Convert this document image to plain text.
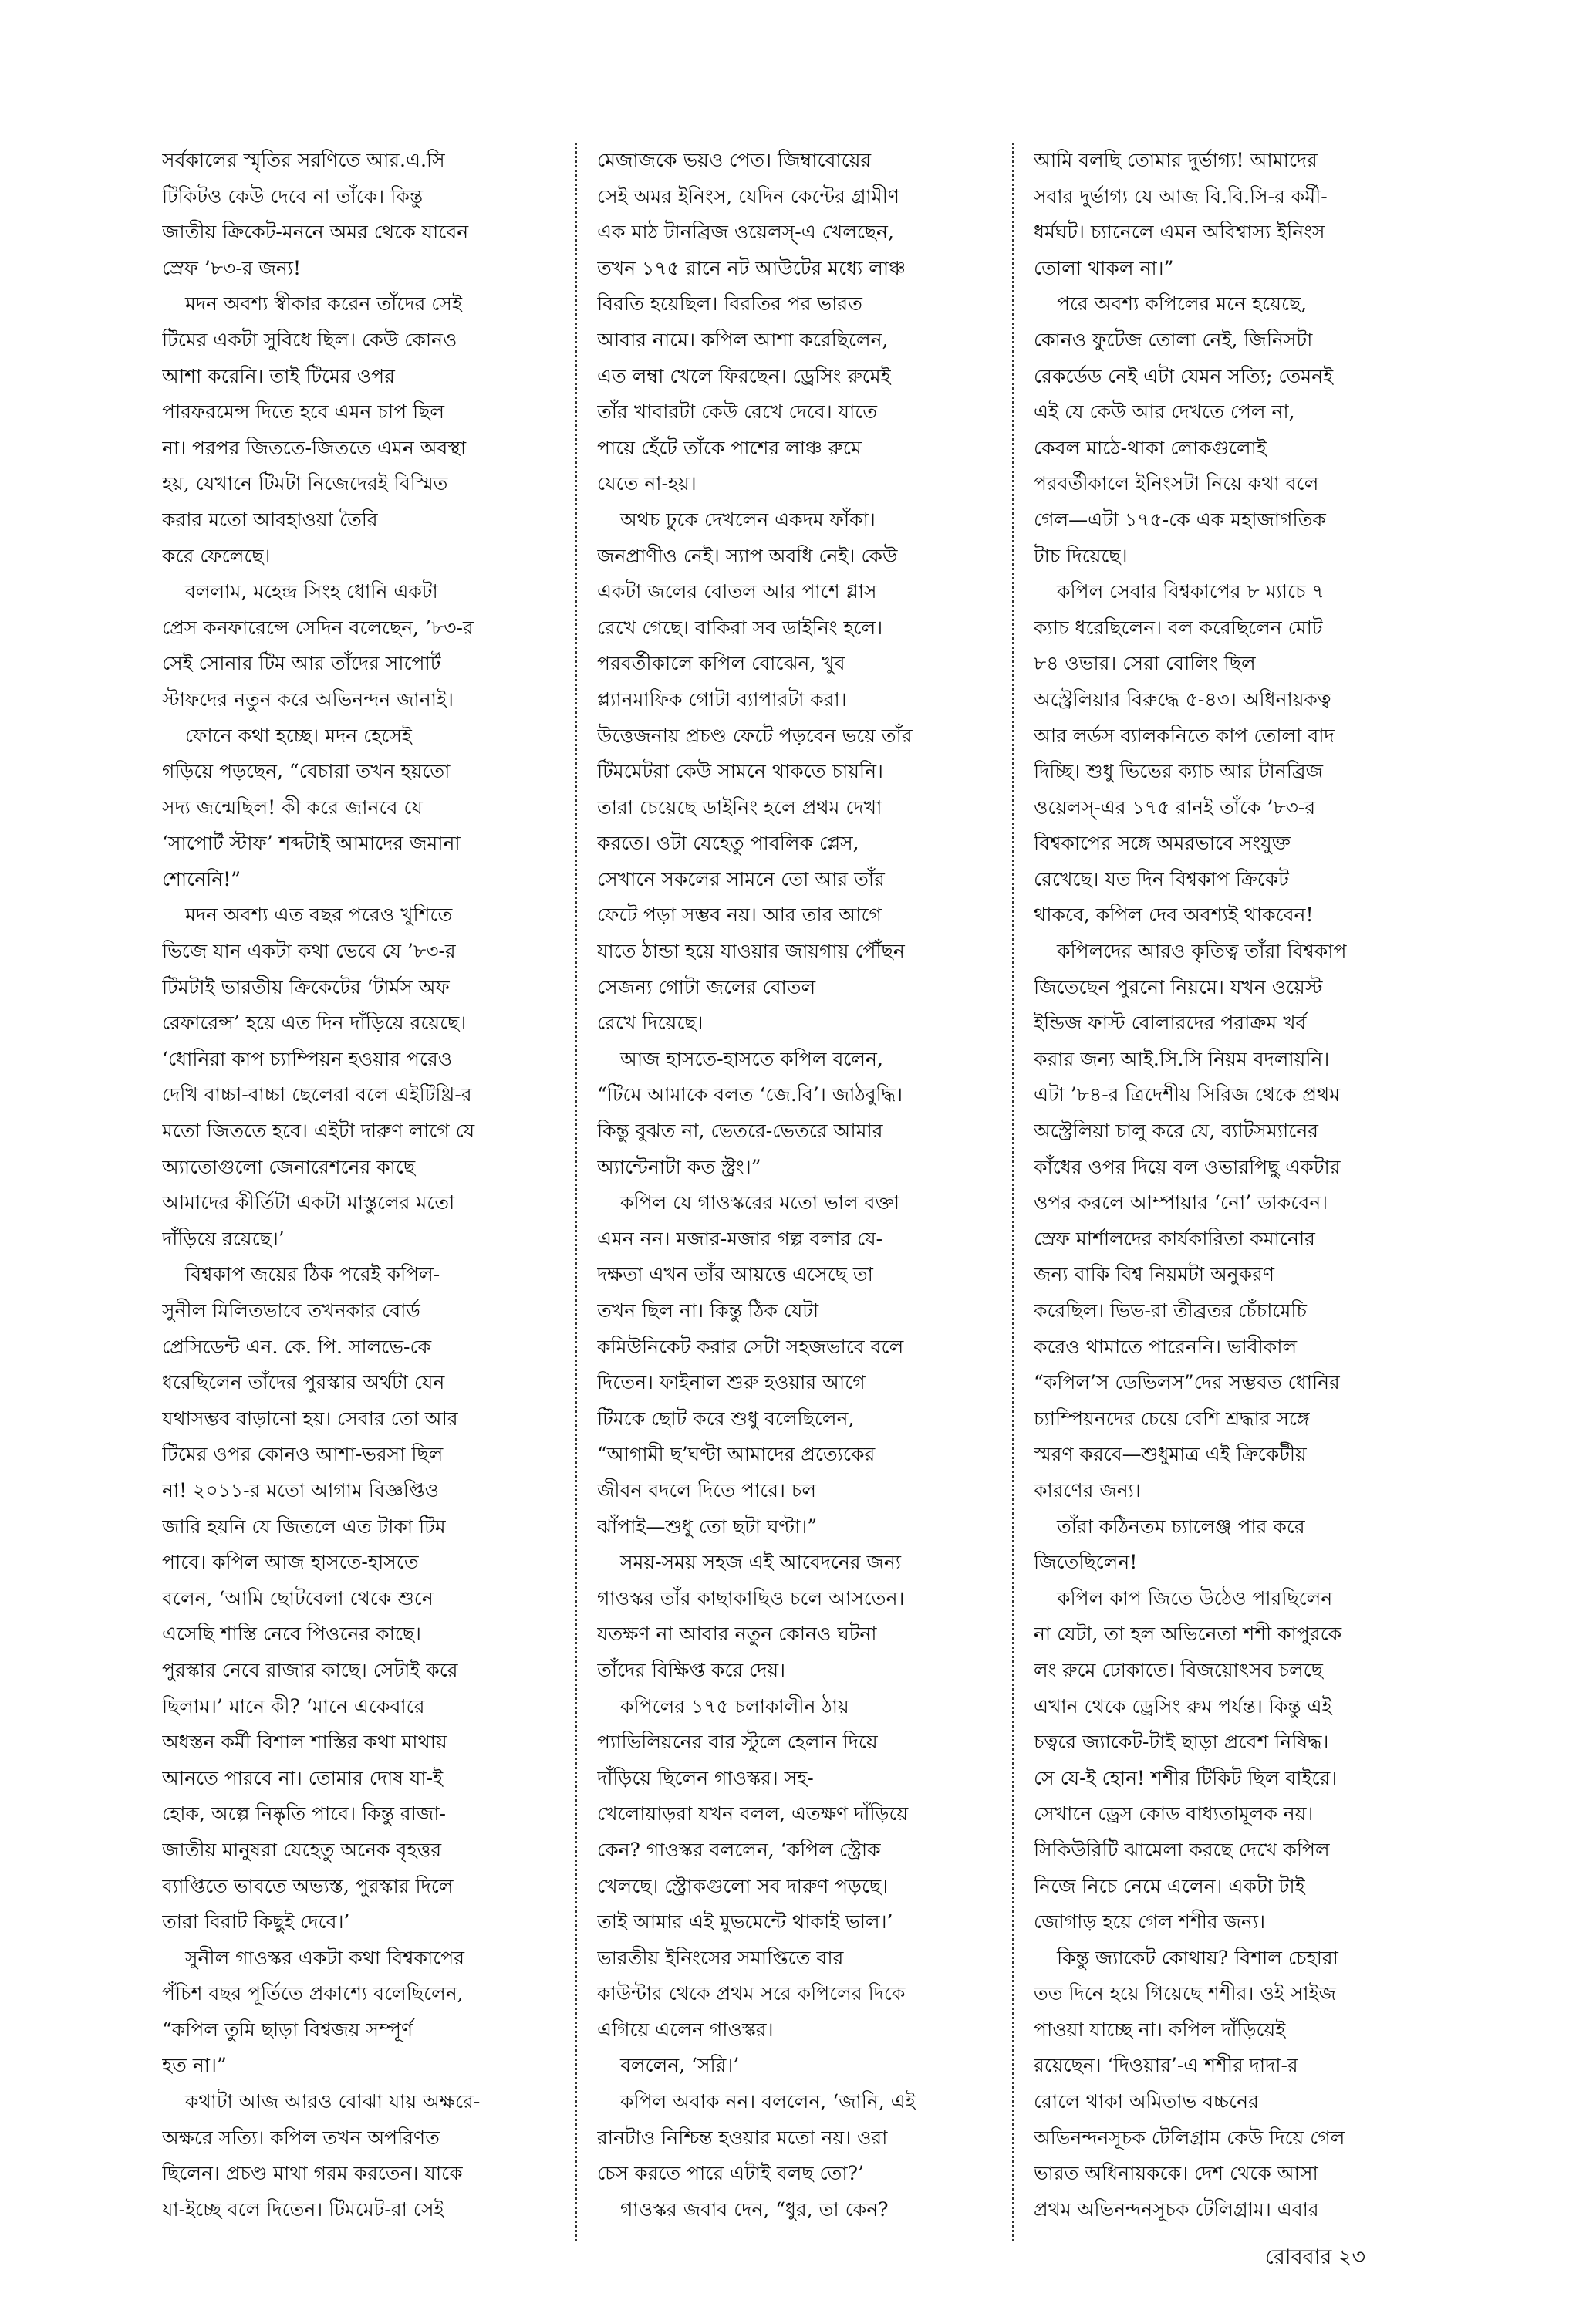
সর্বকালের স্মৃতির সরণিতে আর.এ.সি
টিকিটও কেউ দেবে না তাঁকে। কিন্তু
জাতীয় ক্রিকেট-মননে অমর থেকে যাবেন
স্রেফ ’৮৩-র জন্য!
মদন অবশ্য স্বীকার করেন তাঁদের সেই
টিমের একটা সুবিধে ছিল। কেউ কোনও
আশা করেনি। তাই টিমের ওপর
পারফরমেন্স দিতে হবে এমন চাপ ছিল
না। পরপর জিততে-জিততে এমন অবস্থা
হয়, যেখানে টিমটা নিজেদেরই বিস্মিত
করার মতো আবহাওয়া তৈরি
করে ফেলেছে।
বললাম, মহেন্দ্র সিংহ ধোনি একটা
প্রেস কনফারেন্সে সেদিন বলেছেন, ’৮৩-র
সেই সোনার টিম আর তাঁদের সাপোর্ট
স্টাফদের নতুন করে অভিনন্দন জানাই।
ফোনে কথা হচ্ছে। মদন হেসেই
গড়িয়ে পড়ছেন, “বেচারা তখন হয়তো
সদ্য জন্মেছিল! কী করে জানবে যে
‘সাপোর্ট স্টাফ’ শব্দটাই আমাদের জমানা
শোনেনি!”
মদন অবশ্য এত বছর পরেও খুশিতে
ভিজে যান একটা কথা ভেবে যে ’৮৩-র
টিমটাই ভারতীয় ক্রিকেটের ‘টার্মস অফ
রেফারেন্স’ হয়ে এত দিন দাঁড়িয়ে রয়েছে।
‘ধোনিরা কাপ চ্যাম্পিয়ন হওয়ার পরেও
দেখি বাচ্চা-বাচ্চা ছেলেরা বলে এইটিথ্রি-র
মতো জিততে হবে। এইটা দারুণ লাগে যে
অ্যাতোগুলো জেনারেশনের কাছে
আমাদের কীর্তিটা একটা মাস্তুলের মতো
দাঁড়িয়ে রয়েছে।’
বিশ্বকাপ জয়ের ঠিক পরেই কপিল-
সুনীল মিলিতভাবে তখনকার বোর্ড
প্রেসিডেন্ট এন. কে. পি. সালভে-কে
ধরেছিলেন তাঁদের পুরস্কার অর্থটা যেন
যথাসম্ভব বাড়ানো হয়। সেবার তো আর
টিমের ওপর কোনও আশা-ভরসা ছিল
না! ২০১১-র মতো আগাম বিজ্ঞপ্তিও
জারি হয়নি যে জিতলে এত টাকা টিম
পাবে। কপিল আজ হাসতে-হাসতে
বলেন, ‘আমি ছোটবেলা থেকে শুনে
এসেছি শাস্তি নেবে পিওনের কাছে।
পুরস্কার নেবে রাজার কাছে। সেটাই করে
ছিলাম।’ মানে কী? ‘মানে একেবারে
অধস্তন কর্মী বিশাল শাস্তির কথা মাথায়
আনতে পারবে না। তোমার দোষ যা-ই
হোক, অল্পে নিষ্কৃতি পাবে। কিন্তু রাজা-
জাতীয় মানুষরা যেহেতু অনেক বৃহত্তর
ব্যাপ্তিতে ভাবতে অভ্যস্ত, পুরস্কার দিলে
তারা বিরাট কিছুই দেবে।’
সুনীল গাওস্কর একটা কথা বিশ্বকাপের
পঁচিশ বছর পূর্তিতে প্রকাশ্যে বলেছিলেন,
“কপিল তুমি ছাড়া বিশ্বজয় সম্পূর্ণ
হত না।”
কথাটা আজ আরও বোঝা যায় অক্ষরে-
অক্ষরে সত্যি। কপিল তখন অপরিণত
ছিলেন। প্রচণ্ড মাথা গরম করতেন। যাকে
যা-ইচ্ছে বলে দিতেন। টিমমেট-রা সেই
মেজাজকে ভয়ও পেত। জিম্বাবোয়ের
সেই অমর ইনিংস, যেদিন কেন্টের গ্রামীণ
এক মাঠ টানব্রিজ ওয়েলস্-এ খেলছেন,
তখন ১৭৫ রানে নট আউটের মধ্যে লাঞ্চ
বিরতি হয়েছিল। বিরতির পর ভারত
আবার নামে। কপিল আশা করেছিলেন,
এত লম্বা খেলে ফিরছেন। ড্রেসিং রুমেই
তাঁর খাবারটা কেউ রেখে দেবে। যাতে
পায়ে হেঁটে তাঁকে পাশের লাঞ্চ রুমে
যেতে না-হয়।
অথচ ঢুকে দেখলেন একদম ফাঁকা।
জনপ্রাণীও নেই। স্যাপ অবধি নেই। কেউ
একটা জলের বোতল আর পাশে গ্লাস
রেখে গেছে। বাকিরা সব ডাইনিং হলে।
পরবর্তীকালে কপিল বোঝেন, খুব
প্ল্যানমাফিক গোটা ব্যাপারটা করা।
উত্তেজনায় প্রচণ্ড ফেটে পড়বেন ভয়ে তাঁর
টিমমেটরা কেউ সামনে থাকতে চায়নি।
তারা চেয়েছে ডাইনিং হলে প্রথম দেখা
করতে। ওটা যেহেতু পাবলিক প্লেস,
সেখানে সকলের সামনে তো আর তাঁর
ফেটে পড়া সম্ভব নয়। আর তার আগে
যাতে ঠান্ডা হয়ে যাওয়ার জায়গায় পৌঁছন
সেজন্য গোটা জলের বোতল
রেখে দিয়েছে।
আজ হাসতে-হাসতে কপিল বলেন,
“টিমে আমাকে বলত ‘জে.বি’। জাঠবুদ্ধি।
কিন্তু বুঝত না, ভেতরে-ভেতরে আমার
অ্যান্টেনাটা কত স্ট্রং।”
কপিল যে গাওস্করের মতো ভাল বক্তা
এমন নন। মজার-মজার গল্প বলার যে-
দক্ষতা এখন তাঁর আয়ত্তে এসেছে তা
তখন ছিল না। কিন্তু ঠিক যেটা
কমিউনিকেট করার সেটা সহজভাবে বলে
দিতেন। ফাইনাল শুরু হওয়ার আগে
টিমকে ছোট করে শুধু বলেছিলেন,
“আগামী ছ’ঘণ্টা আমাদের প্রত্যেকের
জীবন বদলে দিতে পারে। চল
ঝাঁপাই—শুধু তো ছটা ঘণ্টা।”
সময়-সময় সহজ এই আবেদনের জন্য
গাওস্কর তাঁর কাছাকাছিও চলে আসতেন।
যতক্ষণ না আবার নতুন কোনও ঘটনা
তাঁদের বিক্ষিপ্ত করে দেয়।
কপিলের ১৭৫ চলাকালীন ঠায়
প্যাভিলিয়নের বার স্টুলে হেলান দিয়ে
দাঁড়িয়ে ছিলেন গাওস্কর। সহ-
খেলোয়াড়রা যখন বলল, এতক্ষণ দাঁড়িয়ে
কেন? গাওস্কর বললেন, ‘কপিল স্ট্রোক
খেলছে। স্ট্রোকগুলো সব দারুণ পড়ছে।
তাই আমার এই মুভমেন্টে থাকাই ভাল।’
ভারতীয় ইনিংসের সমাপ্তিতে বার
কাউন্টার থেকে প্রথম সরে কপিলের দিকে
এগিয়ে এলেন গাওস্কর।
বললেন, ‘সরি।’
কপিল অবাক নন। বললেন, ‘জানি, এই
রানটাও নিশ্চিন্ত হওয়ার মতো নয়। ওরা
চেস করতে পারে এটাই বলছ তো?’
গাওস্কর জবাব দেন, “ধুর, তা কেন?
আমি বলছি তোমার দুর্ভাগ্য! আমাদের
সবার দুর্ভাগ্য যে আজ বি.বি.সি-র কর্মী-
ধর্মঘট। চ্যানেলে এমন অবিশ্বাস্য ইনিংস
তোলা থাকল না।”
পরে অবশ্য কপিলের মনে হয়েছে,
কোনও ফুটেজ তোলা নেই, জিনিসটা
রেকর্ডেড নেই এটা যেমন সত্যি; তেমনই
এই যে কেউ আর দেখতে পেল না,
কেবল মাঠে-থাকা লোকগুলোই
পরবর্তীকালে ইনিংসটা নিয়ে কথা বলে
গেল—এটা ১৭৫-কে এক মহাজাগতিক
টাচ দিয়েছে।
কপিল সেবার বিশ্বকাপের ৮ ম্যাচে ৭
ক্যাচ ধরেছিলেন। বল করেছিলেন মোট
৮৪ ওভার। সেরা বোলিং ছিল
অস্ট্রেলিয়ার বিরুদ্ধে ৫-৪৩। অধিনায়কত্ব
আর লর্ডস ব্যালকনিতে কাপ তোলা বাদ
দিচ্ছি। শুধু ভিভের ক্যাচ আর টানব্রিজ
ওয়েলস্-এর ১৭৫ রানই তাঁকে ’৮৩-র
বিশ্বকাপের সঙ্গে অমরভাবে সংযুক্ত
রেখেছে। যত দিন বিশ্বকাপ ক্রিকেট
থাকবে, কপিল দেব অবশ্যই থাকবেন!
কপিলদের আরও কৃতিত্ব তাঁরা বিশ্বকাপ
জিতেছেন পুরনো নিয়মে। যখন ওয়েস্ট
ইন্ডিজ ফাস্ট বোলারদের পরাক্রম খর্ব
করার জন্য আই.সি.সি নিয়ম বদলায়নি।
এটা ’৮৪-র ত্রিদেশীয় সিরিজ থেকে প্রথম
অস্ট্রেলিয়া চালু করে যে, ব্যাটসম্যানের
কাঁধের ওপর দিয়ে বল ওভারপিছু একটার
ওপর করলে আম্পায়ার ‘নো’ ডাকবেন।
স্রেফ মার্শালদের কার্যকারিতা কমানোর
জন্য বাকি বিশ্ব নিয়মটা অনুকরণ
করেছিল। ভিভ-রা তীব্রতর চেঁচামেচি
করেও থামাতে পারেননি। ভাবীকাল
“কপিল’স ডেভিলস”দের সম্ভবত ধোনির
চ্যাম্পিয়নদের চেয়ে বেশি শ্রদ্ধার সঙ্গে
স্মরণ করবে—শুধুমাত্র এই ক্রিকেটীয়
কারণের জন্য।
তাঁরা কঠিনতম চ্যালেঞ্জ পার করে
জিতেছিলেন!
কপিল কাপ জিতে উঠেও পারছিলেন
না যেটা, তা হল অভিনেতা শশী কাপুরকে
লং রুমে ঢোকাতে। বিজয়োৎসব চলছে
এখান থেকে ড্রেসিং রুম পর্যন্ত। কিন্তু এই
চত্বরে জ্যাকেট-টাই ছাড়া প্রবেশ নিষিদ্ধ।
সে যে-ই হোন! শশীর টিকিট ছিল বাইরে।
সেখানে ড্রেস কোড বাধ্যতামূলক নয়।
সিকিউরিটি ঝামেলা করছে দেখে কপিল
নিজে নিচে নেমে এলেন। একটা টাই
জোগাড় হয়ে গেল শশীর জন্য।
কিন্তু জ্যাকেট কোথায়? বিশাল চেহারা
তত দিনে হয়ে গিয়েছে শশীর। ওই সাইজ
পাওয়া যাচ্ছে না। কপিল দাঁড়িয়েই
রয়েছেন। ‘দিওয়ার’-এ শশীর দাদা-র
রোলে থাকা অমিতাভ বচ্চনের
অভিনন্দনসূচক টেলিগ্রাম কেউ দিয়ে গেল
ভারত অধিনায়ককে। দেশ থেকে আসা
প্রথম অভিনন্দনসূচক টেলিগ্রাম। এবার
রোববার ২৩
